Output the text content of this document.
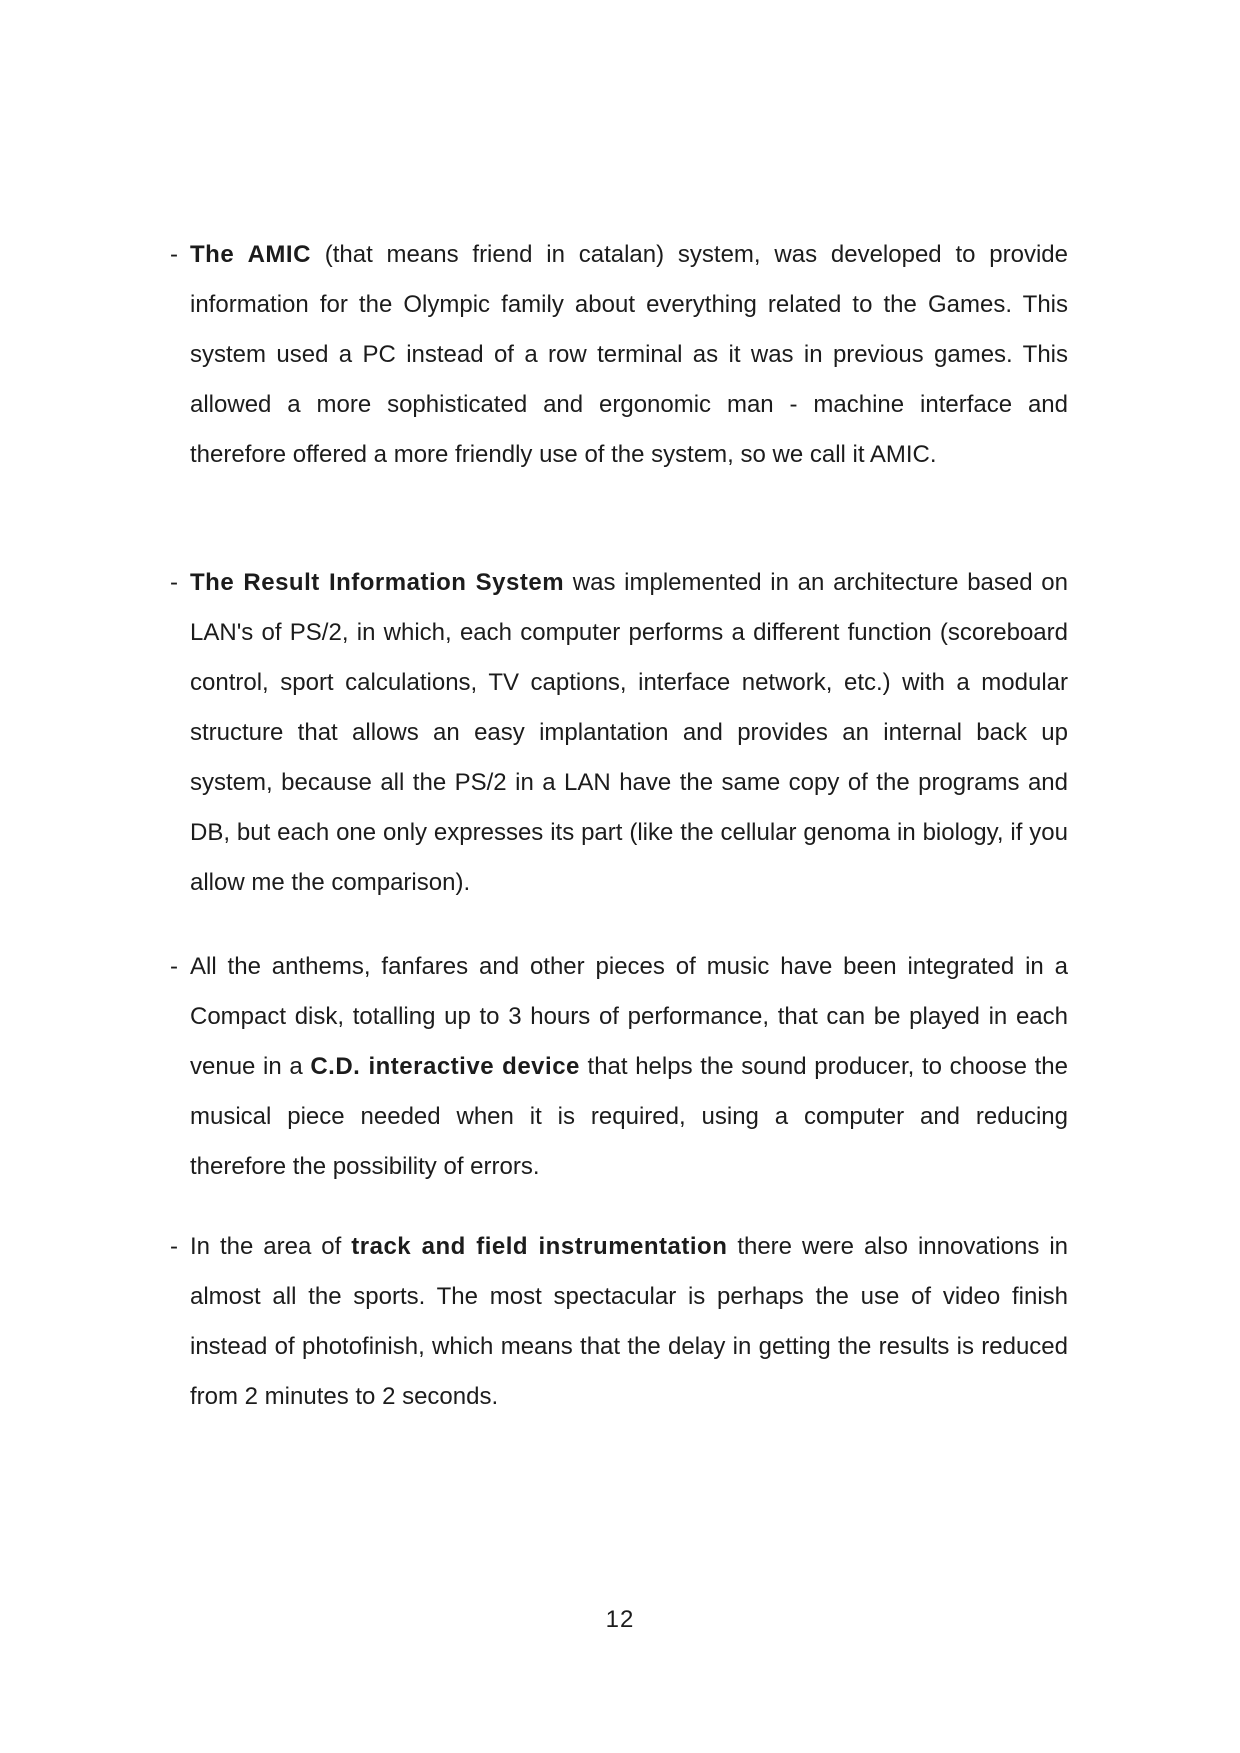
- The AMIC (that means friend in catalan) system, was developed to provide information for the Olympic family about everything related to the Games. This system used a PC instead of a row terminal as it was in previous games. This allowed a more sophisticated and ergonomic man - machine interface and therefore offered a more friendly use of the system, so we call it AMIC.

- The Result Information System was implemented in an architecture based on LAN's of PS/2, in which, each computer performs a different function (scoreboard control, sport calculations, TV captions, interface network, etc.) with a modular structure that allows an easy implantation and provides an internal back up system, because all the PS/2 in a LAN have the same copy of the programs and DB, but each one only expresses its part (like the cellular genoma in biology, if you allow me the comparison).

- All the anthems, fanfares and other pieces of music have been integrated in a Compact disk, totalling up to 3 hours of performance, that can be played in each venue in a C.D. interactive device that helps the sound producer, to choose the musical piece needed when it is required, using a computer and reducing therefore the possibility of errors.

- In the area of track and field instrumentation there were also innovations in almost all the sports. The most spectacular is perhaps the use of video finish instead of photofinish, which means that the delay in getting the results is reduced from 2 minutes to 2 seconds.

12
